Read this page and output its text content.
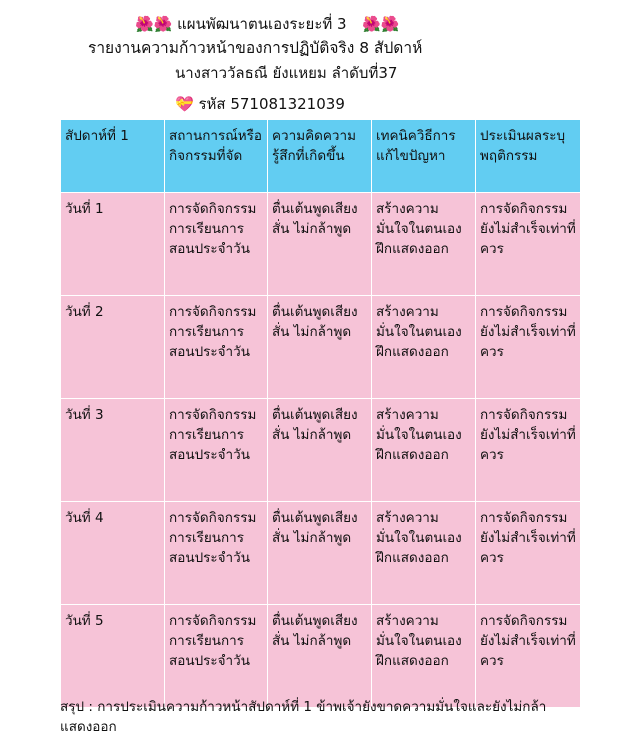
🌺🌺 แผนพัฒนาตนเองระยะที่ 3 🌺🌺
รายงานความก้าวหน้าของการปฏิบัติจริง 8 สัปดาห์
นางสาววัลธณี ยังแหยม ลำดับที่37
💝 รหัส 571081321039
สัปดาห์ที่ 1	สถานการณ์หรือกิจกรรมที่จัด	ความคิดความรู้สึกที่เกิดขึ้น	เทคนิควิธีการแก้ไขปัญหา	ประเมินผลระบุพฤติกรรม
วันที่ 1	การจัดกิจกรรมการเรียนการสอนประจำวัน	ตื่นเต้นพูดเสียงสั่น ไม่กล้าพูด	สร้างความมั่นใจในตนเองฝึกแสดงออก	การจัดกิจกรรมยังไม่สำเร็จเท่าที่ควร
วันที่ 2	การจัดกิจกรรมการเรียนการสอนประจำวัน	ตื่นเต้นพูดเสียงสั่น ไม่กล้าพูด	สร้างความมั่นใจในตนเองฝึกแสดงออก	การจัดกิจกรรมยังไม่สำเร็จเท่าที่ควร
วันที่ 3	การจัดกิจกรรมการเรียนการสอนประจำวัน	ตื่นเต้นพูดเสียงสั่น ไม่กล้าพูด	สร้างความมั่นใจในตนเองฝึกแสดงออก	การจัดกิจกรรมยังไม่สำเร็จเท่าที่ควร
วันที่ 4	การจัดกิจกรรมการเรียนการสอนประจำวัน	ตื่นเต้นพูดเสียงสั่น ไม่กล้าพูด	สร้างความมั่นใจในตนเองฝึกแสดงออก	การจัดกิจกรรมยังไม่สำเร็จเท่าที่ควร
วันที่ 5	การจัดกิจกรรมการเรียนการสอนประจำวัน	ตื่นเต้นพูดเสียงสั่น ไม่กล้าพูด	สร้างความมั่นใจในตนเองฝึกแสดงออก	การจัดกิจกรรมยังไม่สำเร็จเท่าที่ควร
สรุป : การประเมินความก้าวหน้าสัปดาห์ที่ 1 ข้าพเจ้ายังขาดความมั่นใจและยังไม่กล้าแสดงออก
